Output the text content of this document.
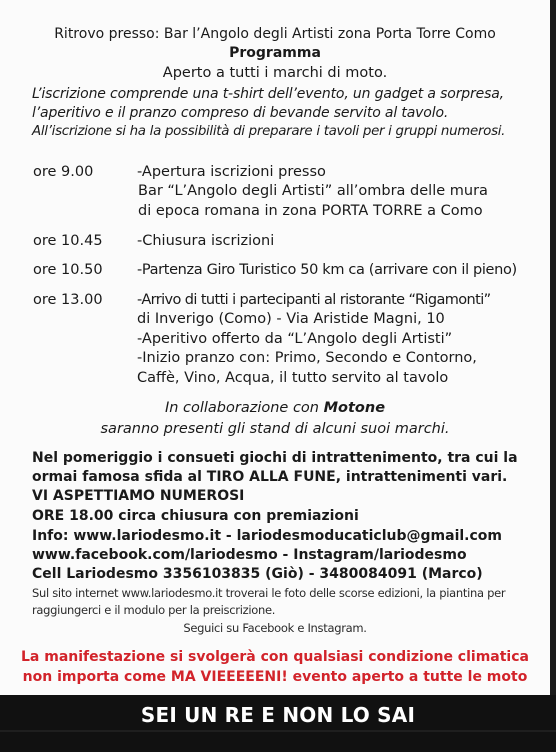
Ritrovo presso: Bar l’Angolo degli Artisti zona Porta Torre Como
Programma
Aperto a tutti i marchi di moto.
L’iscrizione comprende una t-shirt dell’evento, un gadget a sorpresa,
l’aperitivo e il pranzo compreso di bevande servito al tavolo.
All’iscrizione si ha la possibilità di preparare i tavoli per i gruppi numerosi.
ore 9.00	-Apertura iscrizioni presso
Bar “L’Angolo degli Artisti” all’ombra delle mura
di epoca romana in zona PORTA TORRE a Como
ore 10.45 -Chiusura iscrizioni
ore 10.50 -Partenza Giro Turistico 50 km ca (arrivare con il pieno)
ore 13.00 -Arrivo di tutti i partecipanti al ristorante “Rigamonti”
di Inverigo (Como) - Via Aristide Magni, 10
-Aperitivo offerto da “L’Angolo degli Artisti”
-Inizio pranzo con: Primo, Secondo e Contorno,
Caffè, Vino, Acqua, il tutto servito al tavolo
In collaborazione con Motone
saranno presenti gli stand di alcuni suoi marchi.
Nel pomeriggio i consueti giochi di intrattenimento, tra cui la
ormai famosa sfida al TIRO ALLA FUNE, intrattenimenti vari.
VI ASPETTIAMO NUMEROSI
ORE 18.00 circa chiusura con premiazioni
Info: www.lariodesmo.it - lariodesmoducaticlub@gmail.com
www.facebook.com/lariodesmo - Instagram/lariodesmo
Cell Lariodesmo 3356103835 (Giò) - 3480084091 (Marco)
Sul sito internet www.lariodesmo.it troverai le foto delle scorse edizioni, la piantina per
raggiungerci e il modulo per la preiscrizione.
Seguici su Facebook e Instagram.
La manifestazione si svolgerà con qualsiasi condizione climatica
non importa come MA VIEEEEENI! evento aperto a tutte le moto
SEI UN RE E NON LO SAI
